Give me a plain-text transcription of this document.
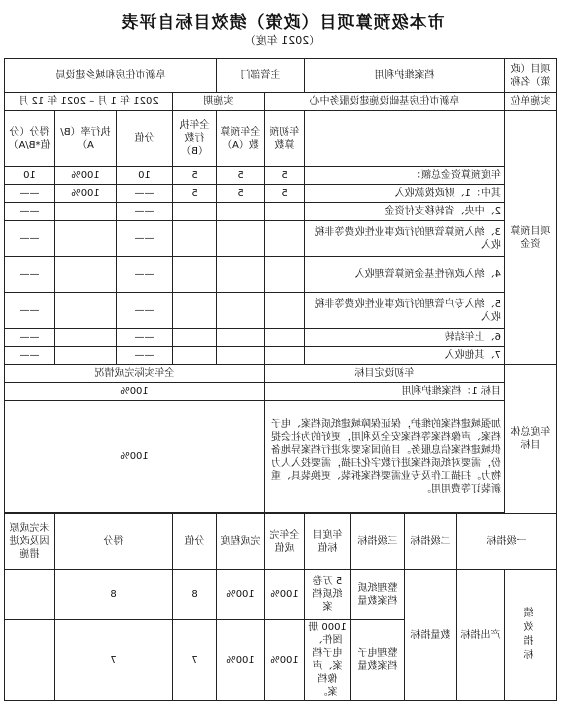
市本级预算项目（政策）绩效目标自评表
（2021 年度）
项目（政策）名称	档案维护利用				主管部门		阜新市住房和城乡建设局			
实施单位	阜新市住房基础设施建设服务中心					实施期		2021 年 1 月 – 2021 年 12 月		
项目预算资金					年初预算数	全年预算数（A）	全年执行数（B）	分值	执行率（B/A）	得分（分值*B/A）
	年度预算资金总额：				5	5	5	10	100%	10
	其中：1、财政拨款收入				5	5	5	——	100%	——
	2、中央、省转移支付资金							——		——
	3、纳入预算管理的行政事业性收费等非税收入							——		——
	4、纳入政府性基金预算管理收入							——		——
	5、纳入专户管理的行政事业性收费等非税收入							——		——
	6、上年结转							——		——
	7、其他收入							——		——
年度总体目标	年初设定目标					全年实际完成情况				
	目标 1：档案维护利用					100%				
	加强城建档案的维护，保证保障城建纸质档案、电子档案、声像档案等档案安全及利用，更好的为社会提供城建档案信息服务。目前国家要求进行档案异地备份，需要对纸质档案进行数字化扫描，需要投入人力物力。扫描工作及专业需要档案拆装、更换装具、重新装订等费用用。					100%				

一级指标		二级指标	三级指标	年度目标值	全年完成值	完成程度	分值	得分		未完成原因及改进措施
绩效指标	产出指标	数量指标	整理纸质档案数量	5 万卷纸质档案	100%	100%	8	8		
			整理电子档案数量	1000 册图件、电子档案、声像档案。	100%	100%	7	7		
